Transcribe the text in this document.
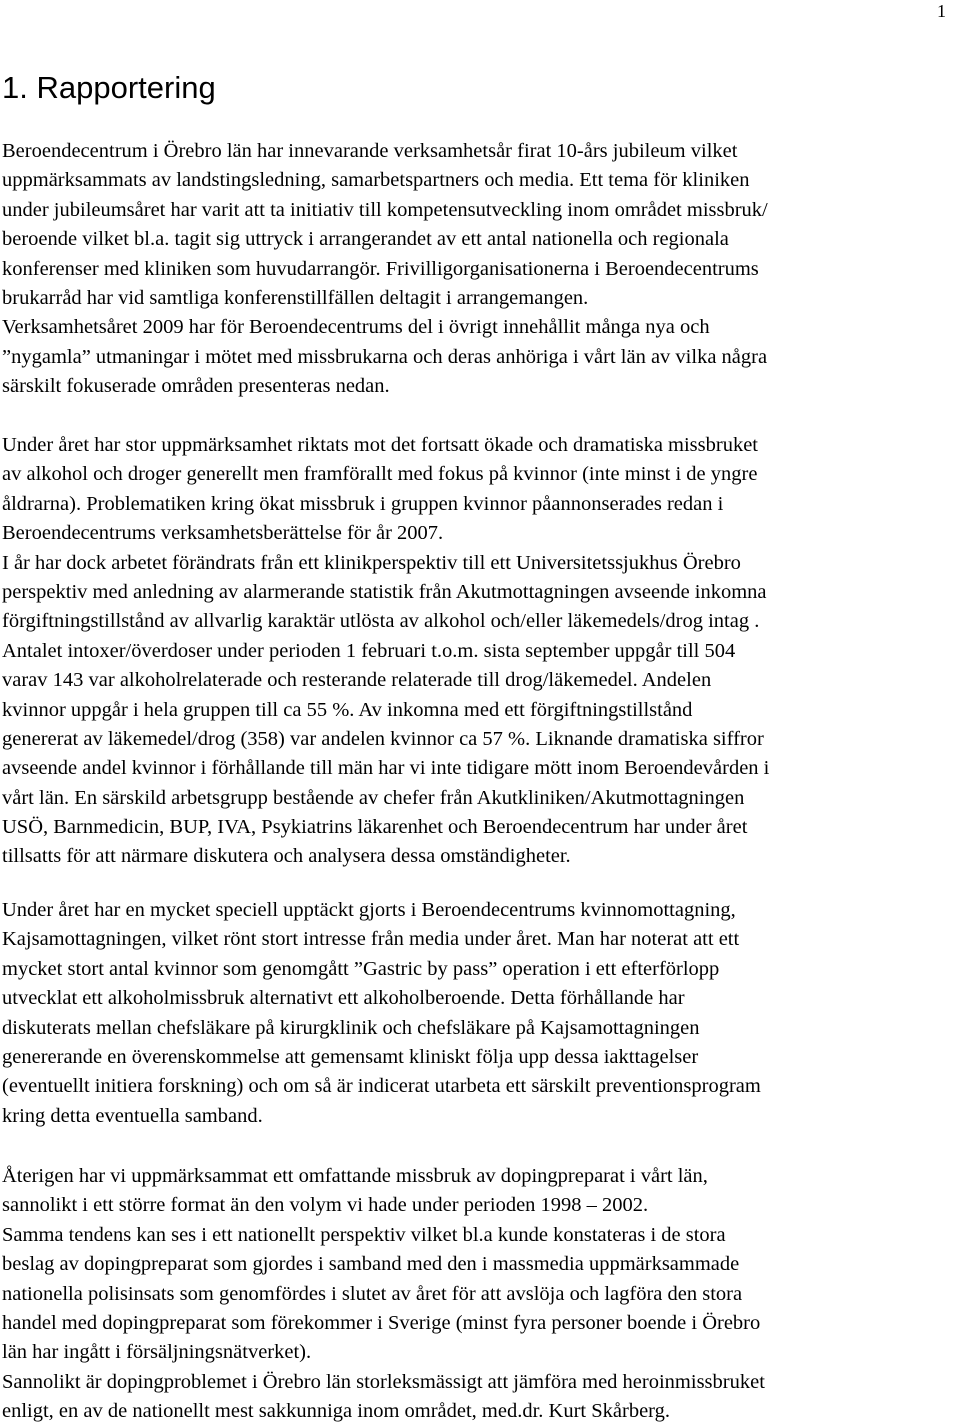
1
1. Rapportering
Beroendecentrum i Örebro län har innevarande verksamhetsår firat 10-års jubileum vilket
uppmärksammats av landstingsledning, samarbetspartners och media. Ett tema för kliniken
under jubileumsåret har varit att ta initiativ till kompetensutveckling inom området missbruk/
beroende vilket bl.a. tagit sig uttryck i arrangerandet av ett antal nationella och regionala
konferenser med kliniken som huvudarrangör. Frivilligorganisationerna i Beroendecentrums
brukarråd har vid samtliga konferenstillfällen deltagit i arrangemangen.
Verksamhetsåret 2009 har för Beroendecentrums del i övrigt innehållit många nya och
”nygamla” utmaningar i mötet med missbrukarna och deras anhöriga i vårt län av vilka några
särskilt fokuserade områden presenteras nedan.
Under året har stor uppmärksamhet riktats mot det fortsatt ökade och dramatiska missbruket
av alkohol och droger generellt men framförallt med fokus på kvinnor (inte minst i de yngre
åldrarna). Problematiken kring ökat missbruk i gruppen kvinnor påannonserades redan i
Beroendecentrums verksamhetsberättelse för år 2007.
I år har dock arbetet förändrats från ett klinikperspektiv till ett Universitetssjukhus Örebro
perspektiv med anledning av alarmerande statistik från Akutmottagningen avseende inkomna
förgiftningstillstånd av allvarlig karaktär utlösta av alkohol och/eller läkemedels/drog intag .
Antalet intoxer/överdoser under perioden 1 februari t.o.m. sista september uppgår till 504
varav 143 var alkoholrelaterade och resterande relaterade till drog/läkemedel. Andelen
kvinnor uppgår i hela gruppen till ca 55 %. Av inkomna med ett förgiftningstillstånd
genererat av läkemedel/drog (358) var andelen kvinnor ca 57 %. Liknande dramatiska siffror
avseende andel kvinnor i förhållande till män har vi inte tidigare mött inom Beroendevården i
vårt län. En särskild arbetsgrupp bestående av chefer från Akutkliniken/Akutmottagningen
USÖ, Barnmedicin, BUP, IVA, Psykiatrins läkarenhet och Beroendecentrum har under året
tillsatts för att närmare diskutera och analysera dessa omständigheter.
Under året har en mycket speciell upptäckt gjorts i Beroendecentrums kvinnomottagning,
Kajsamottagningen, vilket rönt stort intresse från media under året. Man har noterat att ett
mycket stort antal kvinnor som genomgått ”Gastric by pass” operation i ett efterförlopp
utvecklat ett alkoholmissbruk alternativt ett alkoholberoende. Detta förhållande har
diskuterats mellan chefsläkare på kirurgklinik och chefsläkare på Kajsamottagningen
genererande en överenskommelse att gemensamt kliniskt följa upp dessa iakttagelser
(eventuellt initiera forskning) och om så är indicerat utarbeta ett särskilt preventionsprogram
kring detta eventuella samband.
Återigen har vi uppmärksammat ett omfattande missbruk av dopingpreparat i vårt län,
sannolikt i ett större format än den volym vi hade under perioden 1998 – 2002.
Samma tendens kan ses i ett nationellt perspektiv vilket bl.a kunde konstateras i de stora
beslag av dopingpreparat som gjordes i samband med den i massmedia uppmärksammade
nationella polisinsats som genomfördes i slutet av året för att avslöja och lagföra den stora
handel med dopingpreparat som förekommer i Sverige (minst fyra personer boende i Örebro
län har ingått i försäljningsnätverket).
Sannolikt är dopingproblemet i Örebro län storleksmässigt att jämföra med heroinmissbruket
enligt, en av de nationellt mest sakkunniga inom området, med.dr. Kurt Skårberg.
